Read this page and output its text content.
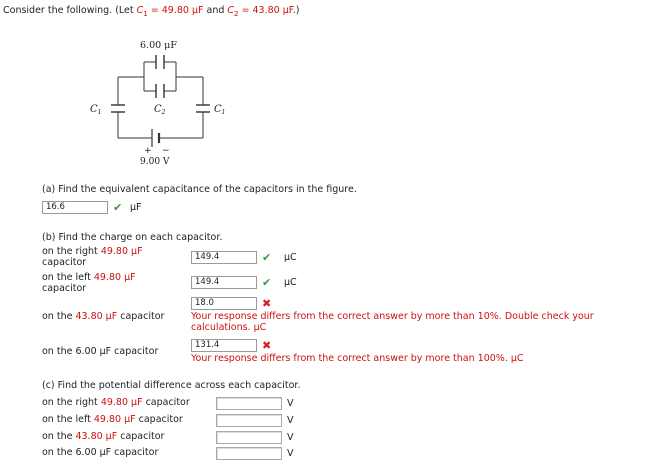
Consider the following. (Let $C_1 = 49.80$ μF and $C_2 = 43.80$ μF.)
6.00 μF
$C_1$	$C_2$	$C_1$
+ −
9.00 V
(a) Find the equivalent capacitance of the capacitors in the figure.
16.6	✔ μF
(b) Find the charge on each capacitor.
on the right 49.80 μF
capacitor	149.4	✔ μC
on the left 49.80 μF
capacitor
149.4	✔ μC
on the 43.80 μF capacitor
18.0	✖
Your response differs from the correct answer by more than 10%. Double check your calculations. μC
on the 6.00 μF capacitor
131.4	✖
Your response differs from the correct answer by more than 100%. μC
(c) Find the potential difference across each capacitor.
on the right 49.80 μF capacitor	V
on the left 49.80 μF capacitor	V
on the 43.80 μF capacitor	V
on the 6.00 μF capacitor	V
